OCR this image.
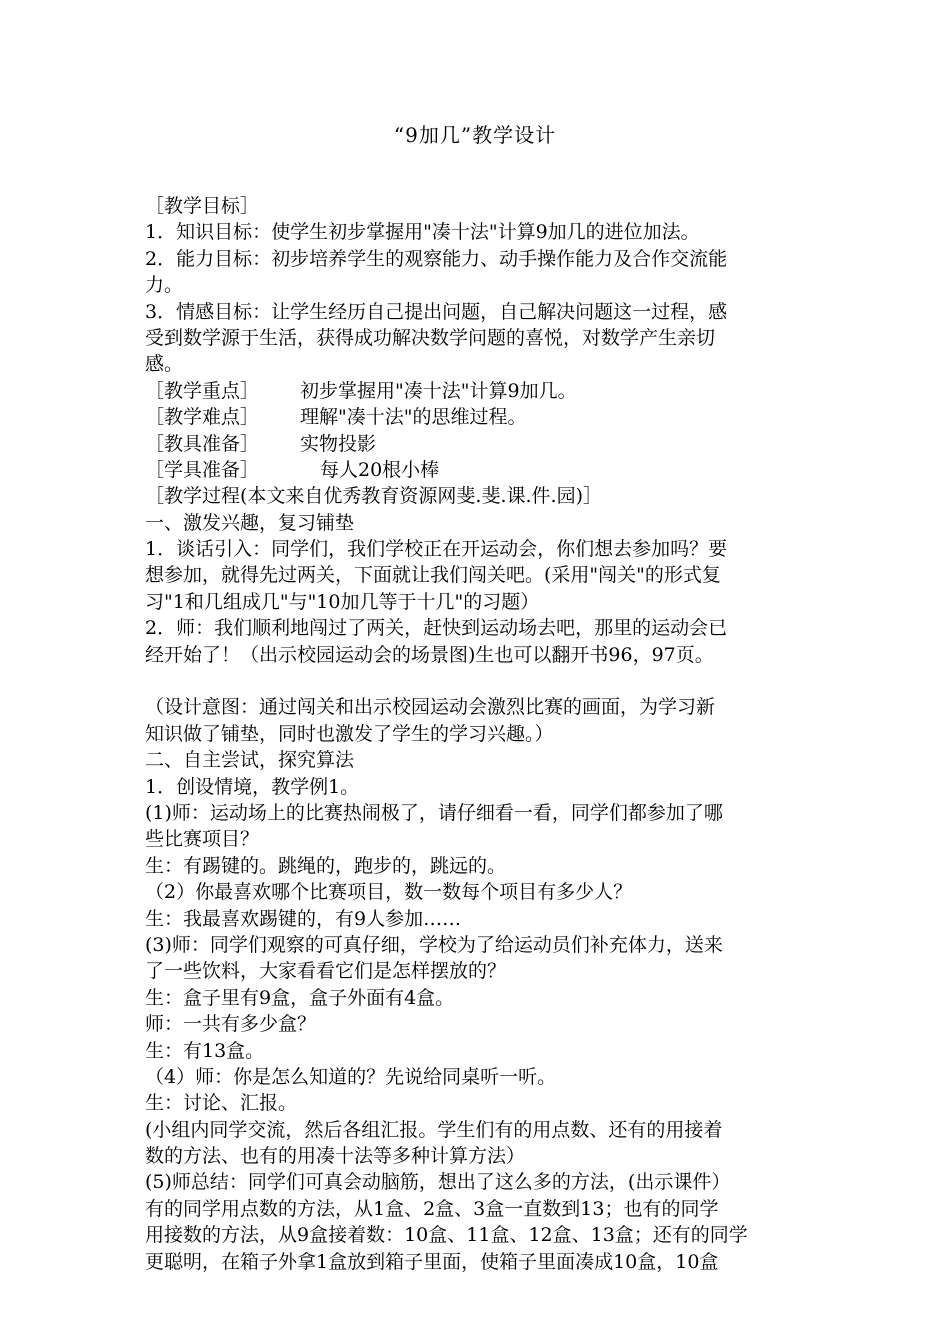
“9加几”教学设计
［教学目标］
1．知识目标：使学生初步掌握用"凑十法"计算9加几的进位加法。
2．能力目标：初步培养学生的观察能力、动手操作能力及合作交流能
力。
3．情感目标：让学生经历自己提出问题，自己解决问题这一过程，感
受到数学源于生活，获得成功解决数学问题的喜悦，对数学产生亲切
感。
［教学重点］ 初步掌握用"凑十法"计算9加几。
［教学难点］ 理解"凑十法"的思维过程。
［教具准备］ 实物投影
［学具准备］	每人20根小棒
［教学过程(本文来自优秀教育资源网斐.斐.课.件.园)］
一、激发兴趣，复习铺垫
1．谈话引入：同学们，我们学校正在开运动会，你们想去参加吗？要
想参加，就得先过两关，下面就让我们闯关吧。(采用"闯关"的形式复
习"1和几组成几"与"10加几等于十几"的习题）
2．师：我们顺利地闯过了两关，赶快到运动场去吧，那里的运动会已
经开始了！（出示校园运动会的场景图)生也可以翻开书96，97页。
（设计意图：通过闯关和出示校园运动会激烈比赛的画面，为学习新
知识做了铺垫，同时也激发了学生的学习兴趣。）
二、自主尝试，探究算法
1．创设情境，教学例1。
(1)师：运动场上的比赛热闹极了，请仔细看一看，同学们都参加了哪
些比赛项目？
生：有踢键的。跳绳的，跑步的，跳远的。
（2）你最喜欢哪个比赛项目，数一数每个项目有多少人？
生：我最喜欢踢键的，有9人参加……
(3)师：同学们观察的可真仔细，学校为了给运动员们补充体力，送来
了一些饮料，大家看看它们是怎样摆放的？
生：盒子里有9盒，盒子外面有4盒。
师：一共有多少盒？
生：有13盒。
（4）师：你是怎么知道的？先说给同桌听一听。
生：讨论、汇报。
(小组内同学交流，然后各组汇报。学生们有的用点数、还有的用接着
数的方法、也有的用凑十法等多种计算方法）
(5)师总结：同学们可真会动脑筋，想出了这么多的方法，(出示课件）
有的同学用点数的方法，从1盒、2盒、3盒一直数到13；也有的同学
用接数的方法，从9盒接着数：10盒、11盒、12盒、13盒；还有的同学
更聪明，在箱子外拿1盒放到箱子里面，使箱子里面凑成10盒，10盒
